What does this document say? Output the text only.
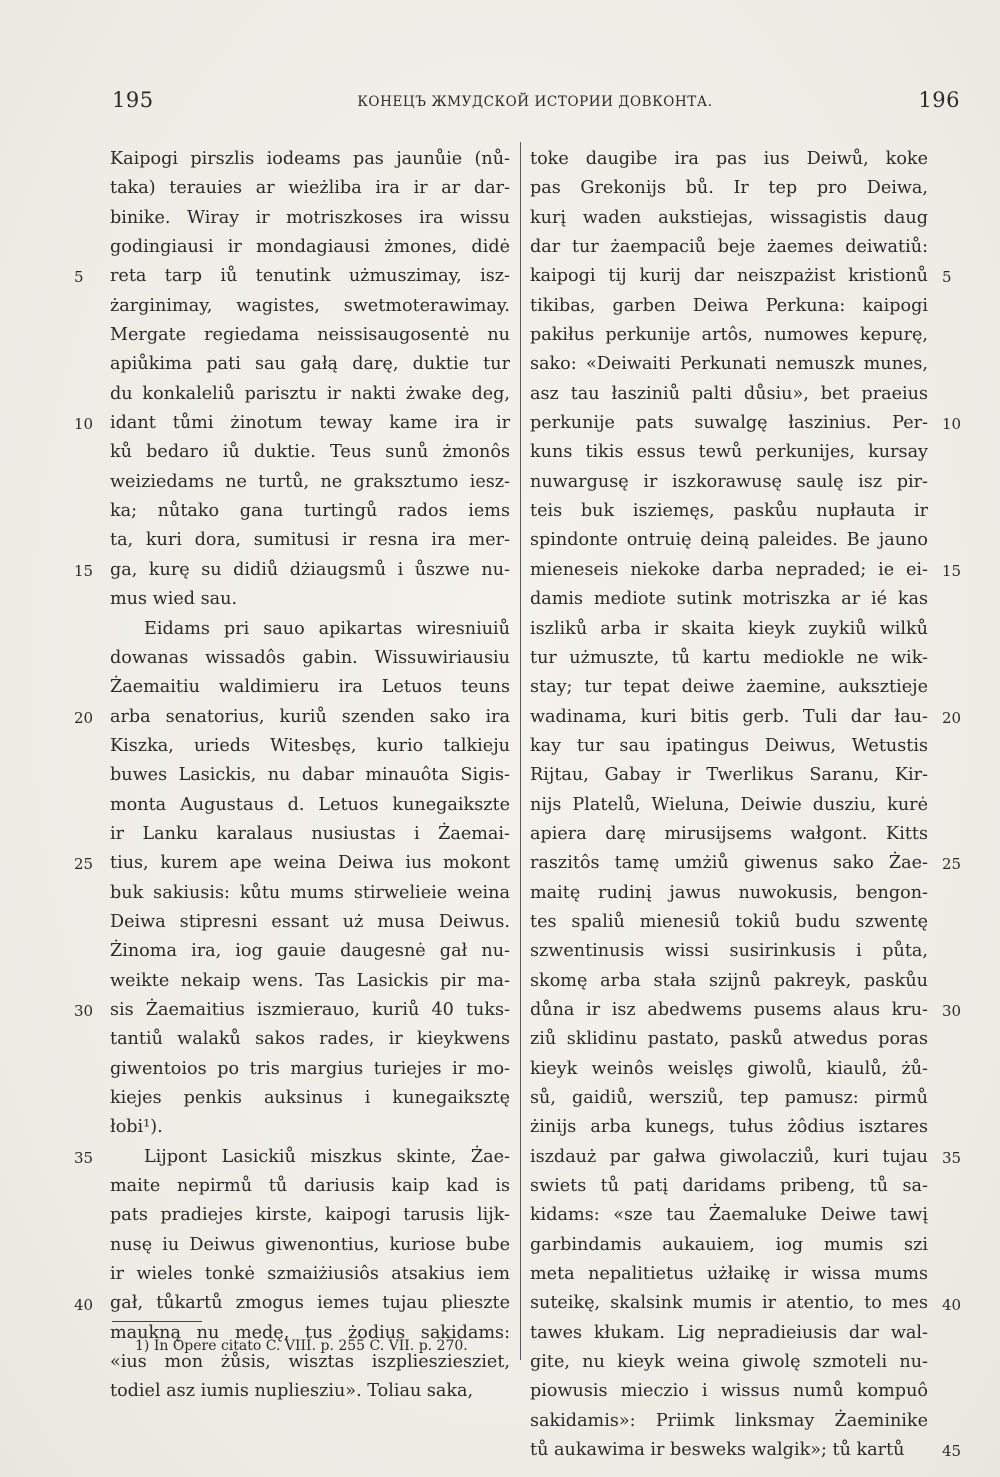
195	КОНЕЦЪ ЖМУДСКОЙ ИСТОРИИ ДОВКОНТА.	196
Kaipogi pirszlis iodeams pas jaunůie (nů-
taka) terauies ar wieżliba ira ir ar dar-
binike. Wiray ir motriszkoses ira wissu
godingiausi ir mondagiausi żmones, didė
reta tarp iů tenutink użmuszimay, isz-
żarginimay, wagistes, swetmoterawimay.
Mergate regiedama neissisaugosentė nu
apiůkima pati sau gałą darę, duktie tur
du konkaleliů parisztu ir nakti żwake deg,
idant tůmi żinotum teway kame ira ir
ků bedaro iů duktie. Teus sunů żmonôs
weiziedams ne turtů, ne graksztumo iesz-
ka; nůtako gana turtingů rados iems
ta, kuri dora, sumitusi ir resna ira mer-
ga, kurę su didiů dżiaugsmů i ůszwe nu-
mus wied sau.
Eidams pri sauo apikartas wiresniuiů
dowanas wissadôs gabin. Wissuwiriausiu
Żaemaitiu waldimieru ira Letuos teuns
arba senatorius, kuriů szenden sako ira
Kiszka, urieds Witesbęs, kurio talkieju
buwes Lasickis, nu dabar minauôta Sigis-
monta Augustaus d. Letuos kunegaikszte
ir Lanku karalaus nusiustas i Żaemai-
tius, kurem ape weina Deiwa ius mokont
buk sakiusis: kůtu mums stirwelieie weina
Deiwa stipresni essant uż musa Deiwus.
Żinoma ira, iog gauie daugesnė gał nu-
weikte nekaip wens. Tas Lasickis pir ma-
sis Żaemaitius iszmierauo, kuriů 40 tuks-
tantiů walaků sakos rades, ir kieykwens
giwentoios po tris margius turiejes ir mo-
kiejes penkis auksinus i kunegaiksztę
łobi¹).
Lijpont Lasickiů miszkus skinte, Żae-
maite nepirmů tů dariusis kaip kad is
pats pradiejes kirste, kaipogi tarusis lijk-
nusę iu Deiwus giwenontius, kuriose bube
ir wieles tonkė szmaiżiusiôs atsakius iem
gał, tůkartů zmogus iemes tujau plieszte
maukną nu medę, tus żodius sakidams:
«ius mon żůsis, wisztas iszpliesziesziet,
todiel asz iumis nupliesziu». Toliau saka,
toke daugibe ira pas ius Deiwů, koke
pas Grekonijs bů. Ir tep pro Deiwa,
kurį waden aukstiejas, wissagistis daug
dar tur żaempaciů beje żaemes deiwatiů:
kaipogi tij kurij dar neiszpażist kristionů
tikibas, garben Deiwa Perkuna: kaipogi
pakiłus perkunije artôs, numowes kepurę,
sako: «Deiwaiti Perkunati nemuszk munes,
asz tau łasziniů palti důsiu», bet praeius
perkunije pats suwalgę łaszinius. Per-
kuns tikis essus tewů perkunijes, kursay
nuwargusę ir iszkorawusę saulę isz pir-
teis buk isziemęs, paskůu nupłauta ir
spindonte ontruię deiną paleides. Be jauno
mieneseis niekoke darba nepraded; ie ei-
damis mediote sutink motriszka ar ié kas
iszliků arba ir skaita kieyk zuykiů wilků
tur użmuszte, tů kartu mediokle ne wik-
stay; tur tepat deiwe żaemine, auksztieje
wadinama, kuri bitis gerb. Tuli dar łau-
kay tur sau ipatingus Deiwus, Wetustis
Rijtau, Gabay ir Twerlikus Saranu, Kir-
nijs Platelů, Wieluna, Deiwie dusziu, kurė
apiera darę mirusijsems wałgont. Kitts
raszitôs tamę umżiů giwenus sako Żae-
maitę rudinį jawus nuwokusis, bengon-
tes spaliů mienesiů tokiů budu szwentę
szwentinusis wissi susirinkusis i půta,
skomę arba stała szijnů pakreyk, paskůu
důna ir isz abedwems pusems alaus kru-
ziů sklidinu pastato, pasků atwedus poras
kieyk weinôs weislęs giwolů, kiaulů, żů-
sů, gaidiů, wersziů, tep pamusz: pirmů
żinijs arba kunegs, tułus żôdius isztares
iszdauż par gałwa giwolacziů, kuri tujau
swiets tů patį daridams pribeng, tů sa-
kidams: «sze tau Żaemaluke Deiwe tawį
garbindamis aukauiem, iog mumis szi
meta nepalitietus użłaikę ir wissa mums
suteikę, skalsink mumis ir atentio, to mes
tawes kłukam. Lig nepradieiusis dar wal-
gite, nu kieyk weina giwolę szmoteli nu-
piowusis mieczio i wissus numů kompuô
sakidamis»: Priimk linksmay Żaeminike
tů aukawima ir besweks walgik»; tů kartů
5
10
15
20
25
30
35
40
5
10
15
20
25
30
35
40
45
1) In Opere citato C. VIII. p. 255 C. VII. p. 270.
